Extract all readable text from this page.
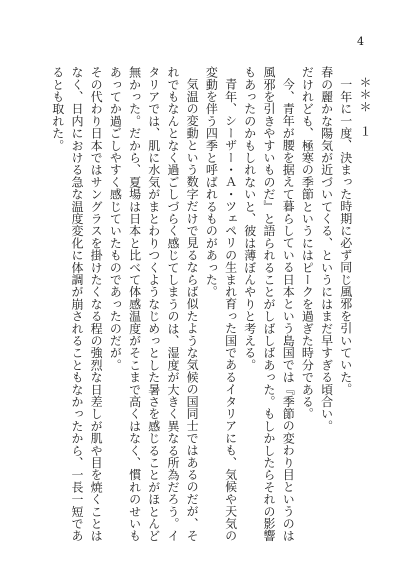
4

＊＊＊　１

一年に一度、決まった時期に必ず同じ風邪を引いていた。

春の麗かな陽気が近づいてくる、というにはまだ早すぎる頃合い。

だけれども、極寒の季節というにはピークを過ぎた時分である。

今、青年が腰を据えて暮らしている日本という島国では『季節の変わり目というのは風邪を引きやすいものだ』と語られることがしばしばあった。もしかしたらそれの影響もあったのかもしれないと、彼は薄ぼんやりと考える。

青年、シーザー・Ａ・ツェペリの生まれ育った国であるイタリアにも、気候や天気の変動を伴う四季と呼ばれるものがあった。

気温の変動という数字だけで見るならば似たような気候の国同士ではあるのだが、それでもなんとなく過ごしづらく感じてしまうのは、湿度が大きく異なる所為だろう。イタリアでは、肌に水気がまとわりつくようなじめっとした暑さを感じることがほとんど無かった。だから、夏場は日本と比べて体感温度がそこまで高くはなく、慣れのせいもあってか過ごしやすく感じていたものであったのだが。

その代わり日本ではサングラスを掛けたくなる程の強烈な日差しが肌や目を焼くことはなく、日内における急な温度変化に体調が崩されることもなかったから、一長一短であるとも取れた。
